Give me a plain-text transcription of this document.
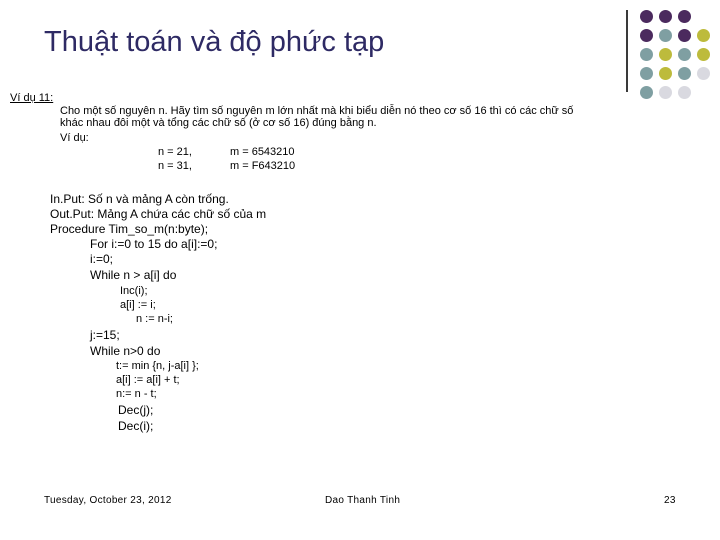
Thuật toán và độ phức tạp
Ví dụ 11:
Cho một số nguyên n. Hãy tìm số nguyên m lớn nhất mà khi biểu diễn nó theo cơ số 16 thì có các chữ số
khác nhau đôi một và tổng các chữ số (ở cơ số 16) đúng bằng n.
Ví dụ:
n = 21,	m = 6543210
n = 31,	m = F643210
In.Put: Số n và mảng A còn trống.
Out.Put: Mảng A chứa các chữ số của m
Procedure Tim_so_m(n:byte);
For i:=0 to 15 do a[i]:=0;
i:=0;
While n > a[i] do
Inc(i);
a[i] := i;
n := n-i;
j:=15;
While n>0 do
t:= min {n, j-a[i] };
a[i] := a[i] + t;
n:= n - t;
Dec(j);
Dec(i);
Tuesday, October 23, 2012	Dao Thanh Tinh	23
